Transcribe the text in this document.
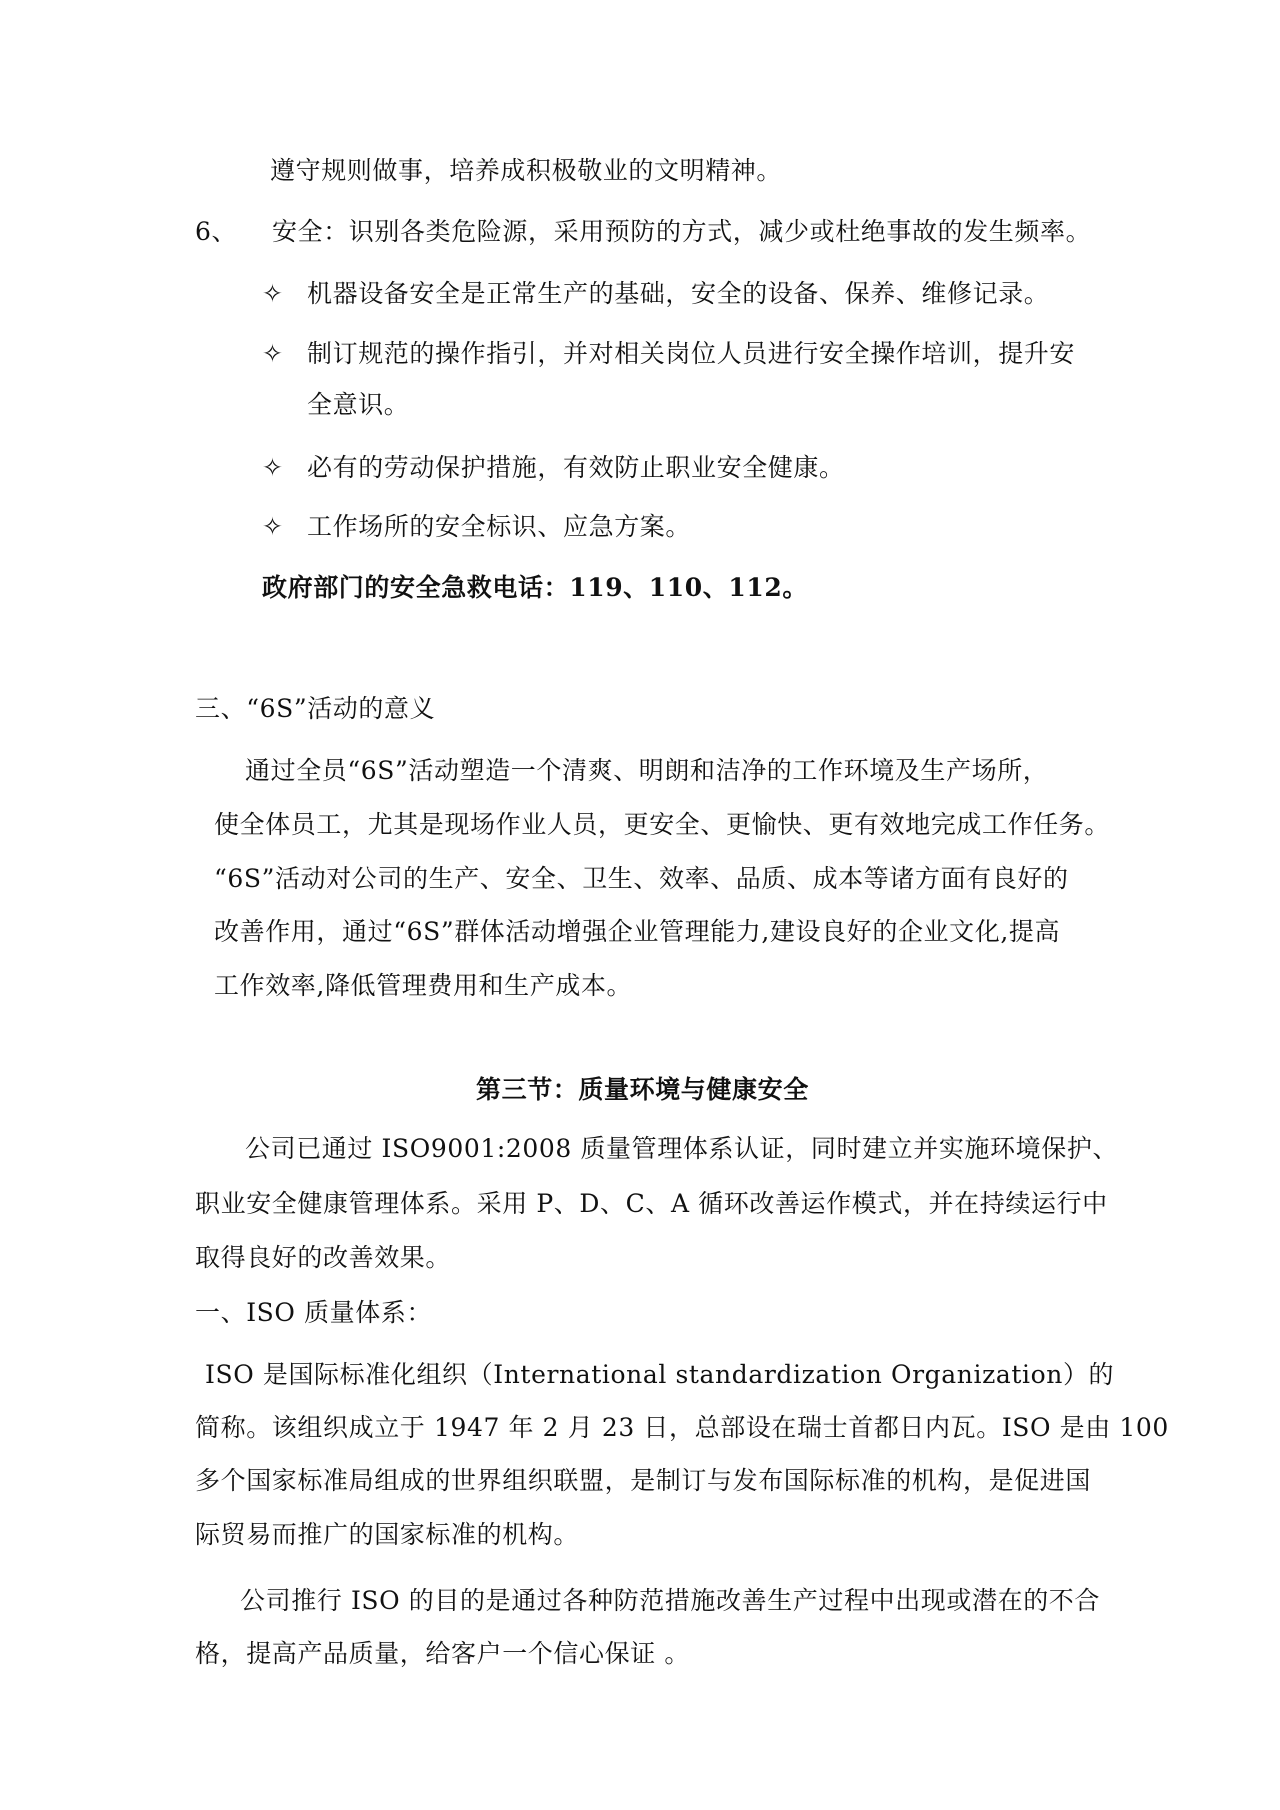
遵守规则做事，培养成积极敬业的文明精神。
6、 安全：识别各类危险源，采用预防的方式，减少或杜绝事故的发生频率。
✧ 机器设备安全是正常生产的基础，安全的设备、保养、维修记录。
✧ 制订规范的操作指引，并对相关岗位人员进行安全操作培训，提升安
全意识。
✧ 必有的劳动保护措施，有效防止职业安全健康。
✧ 工作场所的安全标识、应急方案。
政府部门的安全急救电话：119、110、112。
三、“6S”活动的意义
通过全员“6S”活动塑造一个清爽、明朗和洁净的工作环境及生产场所，
使全体员工，尤其是现场作业人员，更安全、更愉快、更有效地完成工作任务。
“6S”活动对公司的生产、安全、卫生、效率、品质、成本等诸方面有良好的
改善作用，通过“6S”群体活动增强企业管理能力,建设良好的企业文化,提高
工作效率,降低管理费用和生产成本。
第三节：质量环境与健康安全
公司已通过 ISO9001:2008 质量管理体系认证，同时建立并实施环境保护、
职业安全健康管理体系。采用 P、D、C、A 循环改善运作模式，并在持续运行中
取得良好的改善效果。
一、ISO 质量体系：
ISO 是国际标准化组织（International standardization Organization）的
简称。该组织成立于 1947 年 2 月 23 日，总部设在瑞士首都日内瓦。ISO 是由 100
多个国家标准局组成的世界组织联盟，是制订与发布国际标准的机构，是促进国
际贸易而推广的国家标准的机构。
公司推行 ISO 的目的是通过各种防范措施改善生产过程中出现或潜在的不合
格，提高产品质量，给客户一个信心保证 。
